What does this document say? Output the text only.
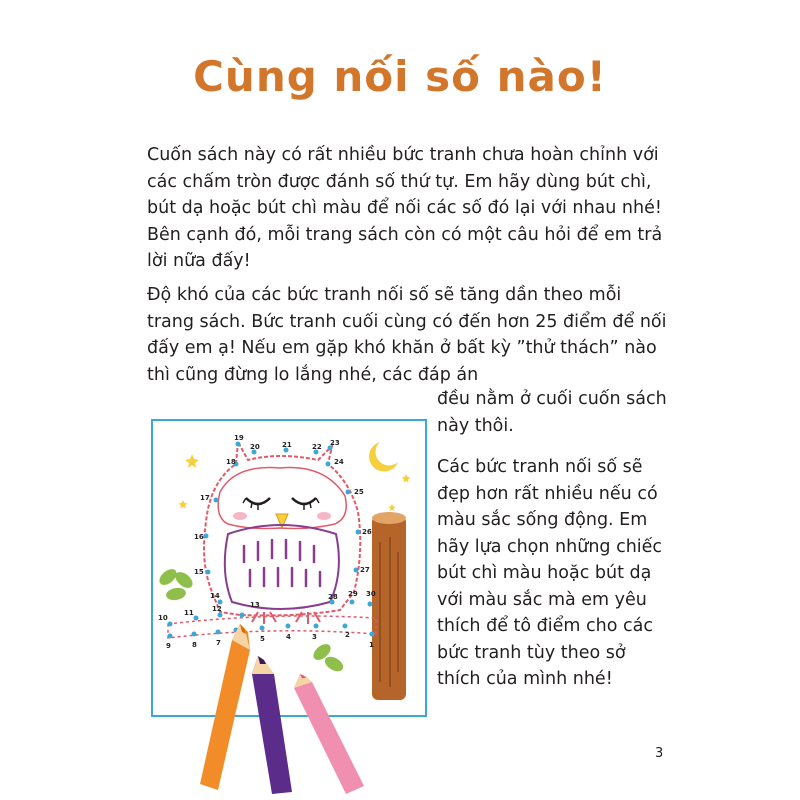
Cùng nối số nào!

Cuốn sách này có rất nhiều bức tranh chưa hoàn chỉnh với các chấm tròn được đánh số thứ tự. Em hãy dùng bút chì, bút dạ hoặc bút chì màu để nối các số đó lại với nhau nhé! Bên cạnh đó, mỗi trang sách còn có một câu hỏi để em trả lời nữa đấy!

Độ khó của các bức tranh nối số sẽ tăng dần theo mỗi trang sách. Bức tranh cuối cùng có đến hơn 25 điểm để nối đấy em ạ! Nếu em gặp khó khăn ở bất kỳ ”thử thách” nào thì cũng đừng lo lắng nhé, các đáp án

đều nằm ở cuối cuốn sách này thôi.

Các bức tranh nối số sẽ đẹp hơn rất nhiều nếu có màu sắc sống động. Em hãy lựa chọn những chiếc bút chì màu hoặc bút dạ với màu sắc mà em yêu thích để tô điểm cho các bức tranh tùy theo sở thích của mình nhé!

3
1
2
3
4
5
7
8
9
10
11	12	13
14
15
16
17
18
19
20	21	22 23
24
25
26
27
28 29 30
